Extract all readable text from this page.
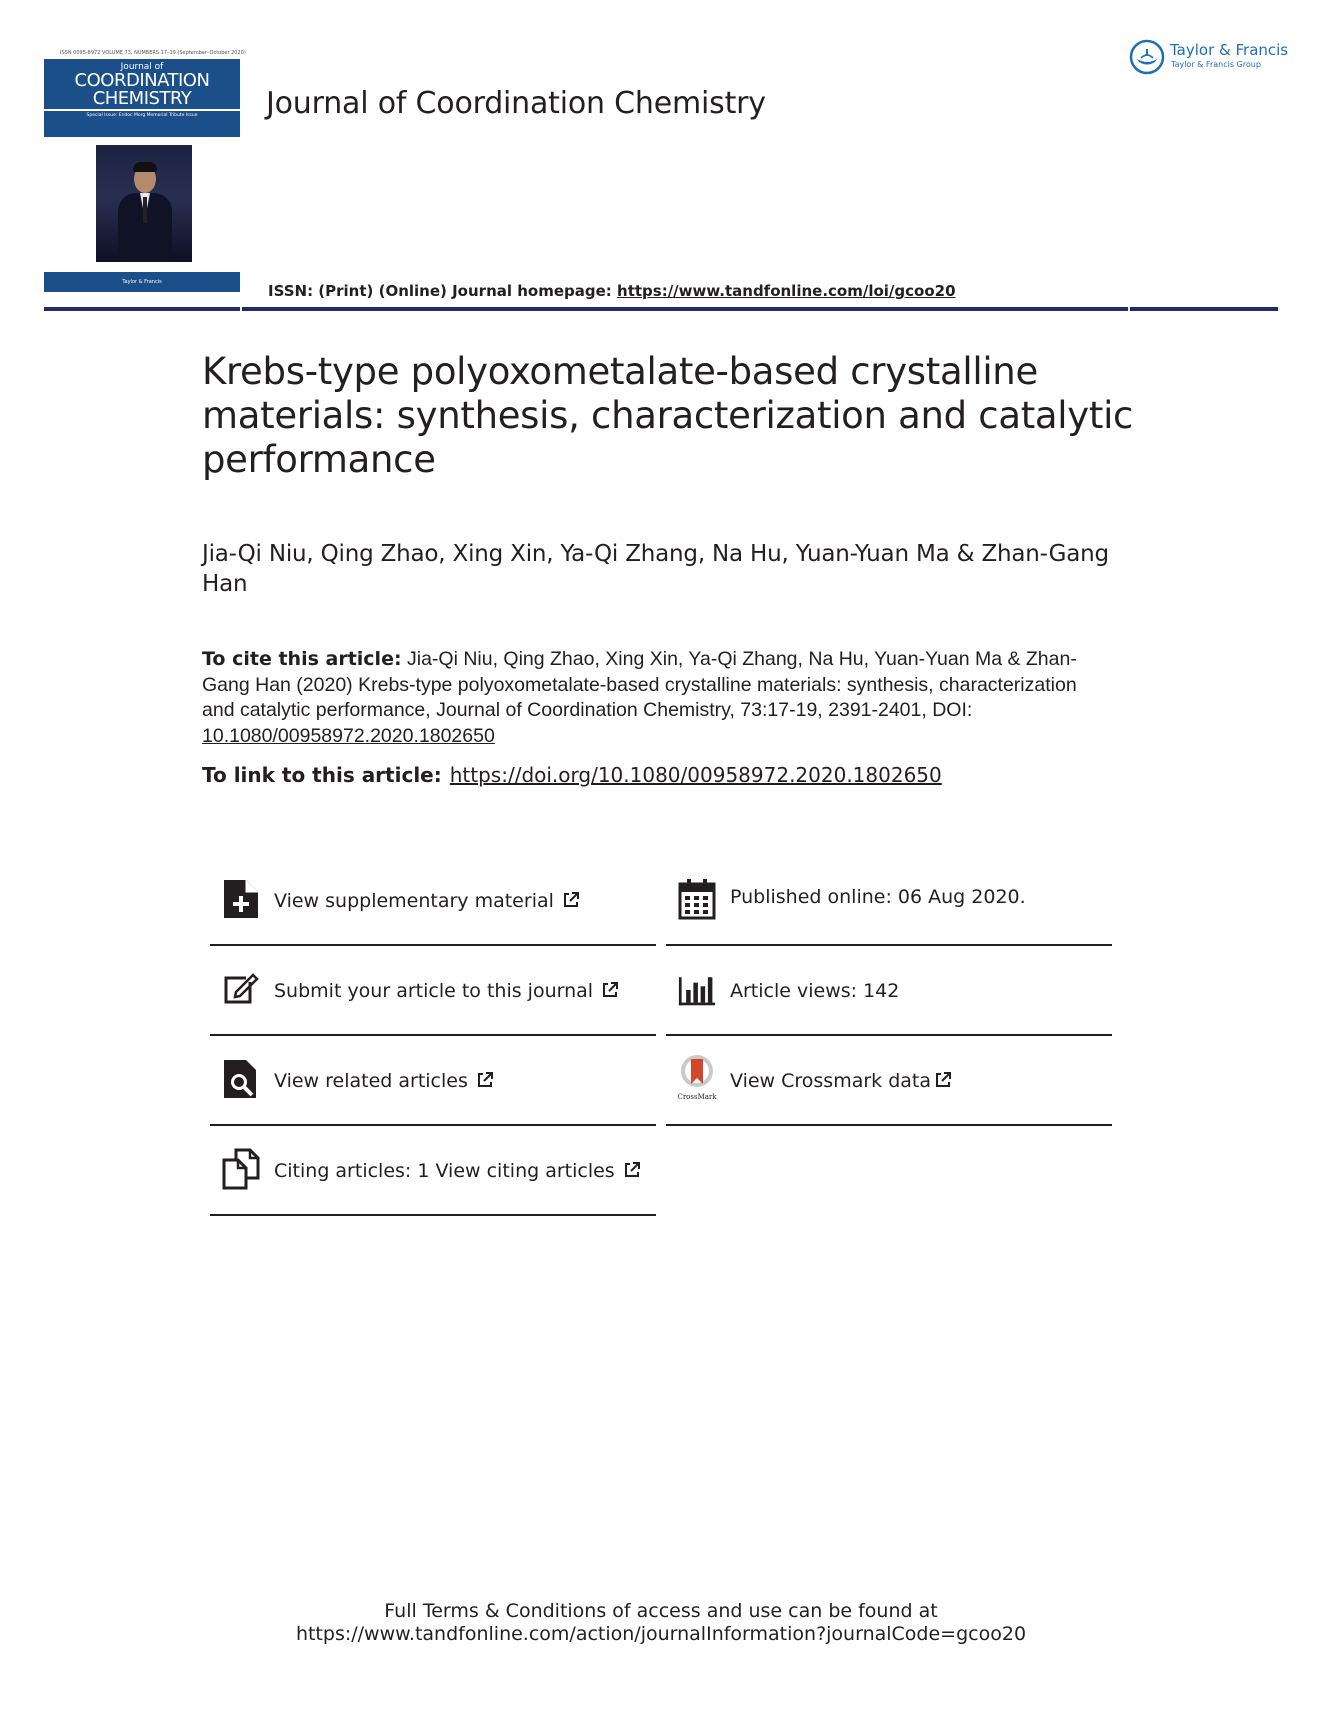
ISSN 0095-8972 VOLUME 73, NUMBERS 17–19 (September–October 2020)
Journal of
COORDINATION
CHEMISTRY
Special Issue: Endoc Morg Memorial Tribute Issue
Taylor & Francis
Journal of Coordination Chemistry
ISSN: (Print) (Online) Journal homepage: https://www.tandfonline.com/loi/gcoo20
Taylor & Francis
Taylor & Francis Group
Krebs-type polyoxometalate-based crystalline materials: synthesis, characterization and catalytic performance
Jia-Qi Niu, Qing Zhao, Xing Xin, Ya-Qi Zhang, Na Hu, Yuan-Yuan Ma & Zhan-Gang Han
To cite this article: Jia-Qi Niu, Qing Zhao, Xing Xin, Ya-Qi Zhang, Na Hu, Yuan-Yuan Ma & Zhan-Gang Han (2020) Krebs-type polyoxometalate-based crystalline materials: synthesis, characterization and catalytic performance, Journal of Coordination Chemistry, 73:17-19, 2391-2401, DOI: 10.1080/00958972.2020.1802650
To link to this article: https://doi.org/10.1080/00958972.2020.1802650
View supplementary material	Published online: 06 Aug 2020.
Submit your article to this journal	Article views: 142
View related articles
CrossMark
View Crossmark data
Citing articles: 1 View citing articles
Full Terms & Conditions of access and use can be found at
https://www.tandfonline.com/action/journalInformation?journalCode=gcoo20
